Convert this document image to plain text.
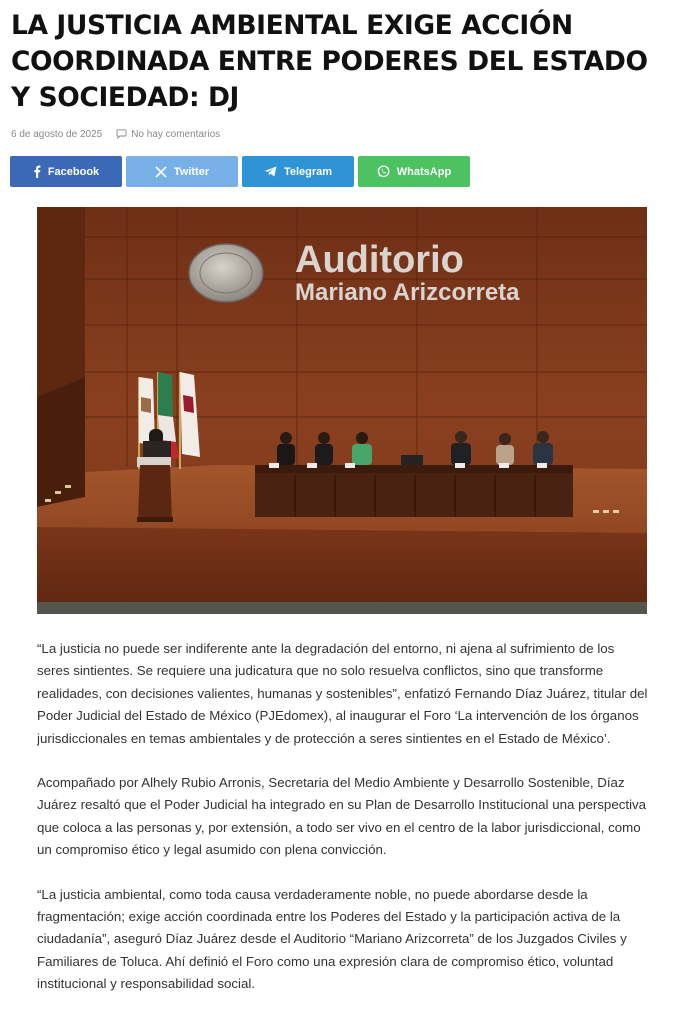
LA JUSTICIA AMBIENTAL EXIGE ACCIÓN COORDINADA ENTRE PODERES DEL ESTADO Y SOCIEDAD: DJ
6 de agosto de 2025	No hay comentarios
Facebook	Twitter	Telegram	WhatsApp
Auditorio
Mariano Arizcorreta

“La justicia no puede ser indiferente ante la degradación del entorno, ni ajena al sufrimiento de los seres sintientes. Se requiere una judicatura que no solo resuelva conflictos, sino que transforme realidades, con decisiones valientes, humanas y sostenibles”, enfatizó Fernando Díaz Juárez, titular del Poder Judicial del Estado de México (PJEdomex), al inaugurar el Foro ‘La intervención de los órganos jurisdiccionales en temas ambientales y de protección a seres sintientes en el Estado de México’.

Acompañado por Alhely Rubio Arronis, Secretaria del Medio Ambiente y Desarrollo Sostenible, Díaz Juárez resaltó que el Poder Judicial ha integrado en su Plan de Desarrollo Institucional una perspectiva que coloca a las personas y, por extensión, a todo ser vivo en el centro de la labor jurisdiccional, como un compromiso ético y legal asumido con plena convicción.

“La justicia ambiental, como toda causa verdaderamente noble, no puede abordarse desde la fragmentación; exige acción coordinada entre los Poderes del Estado y la participación activa de la ciudadanía”, aseguró Díaz Juárez desde el Auditorio “Mariano Arizcorreta” de los Juzgados Civiles y Familiares de Toluca. Ahí definió el Foro como una expresión clara de compromiso ético, voluntad institucional y responsabilidad social.
